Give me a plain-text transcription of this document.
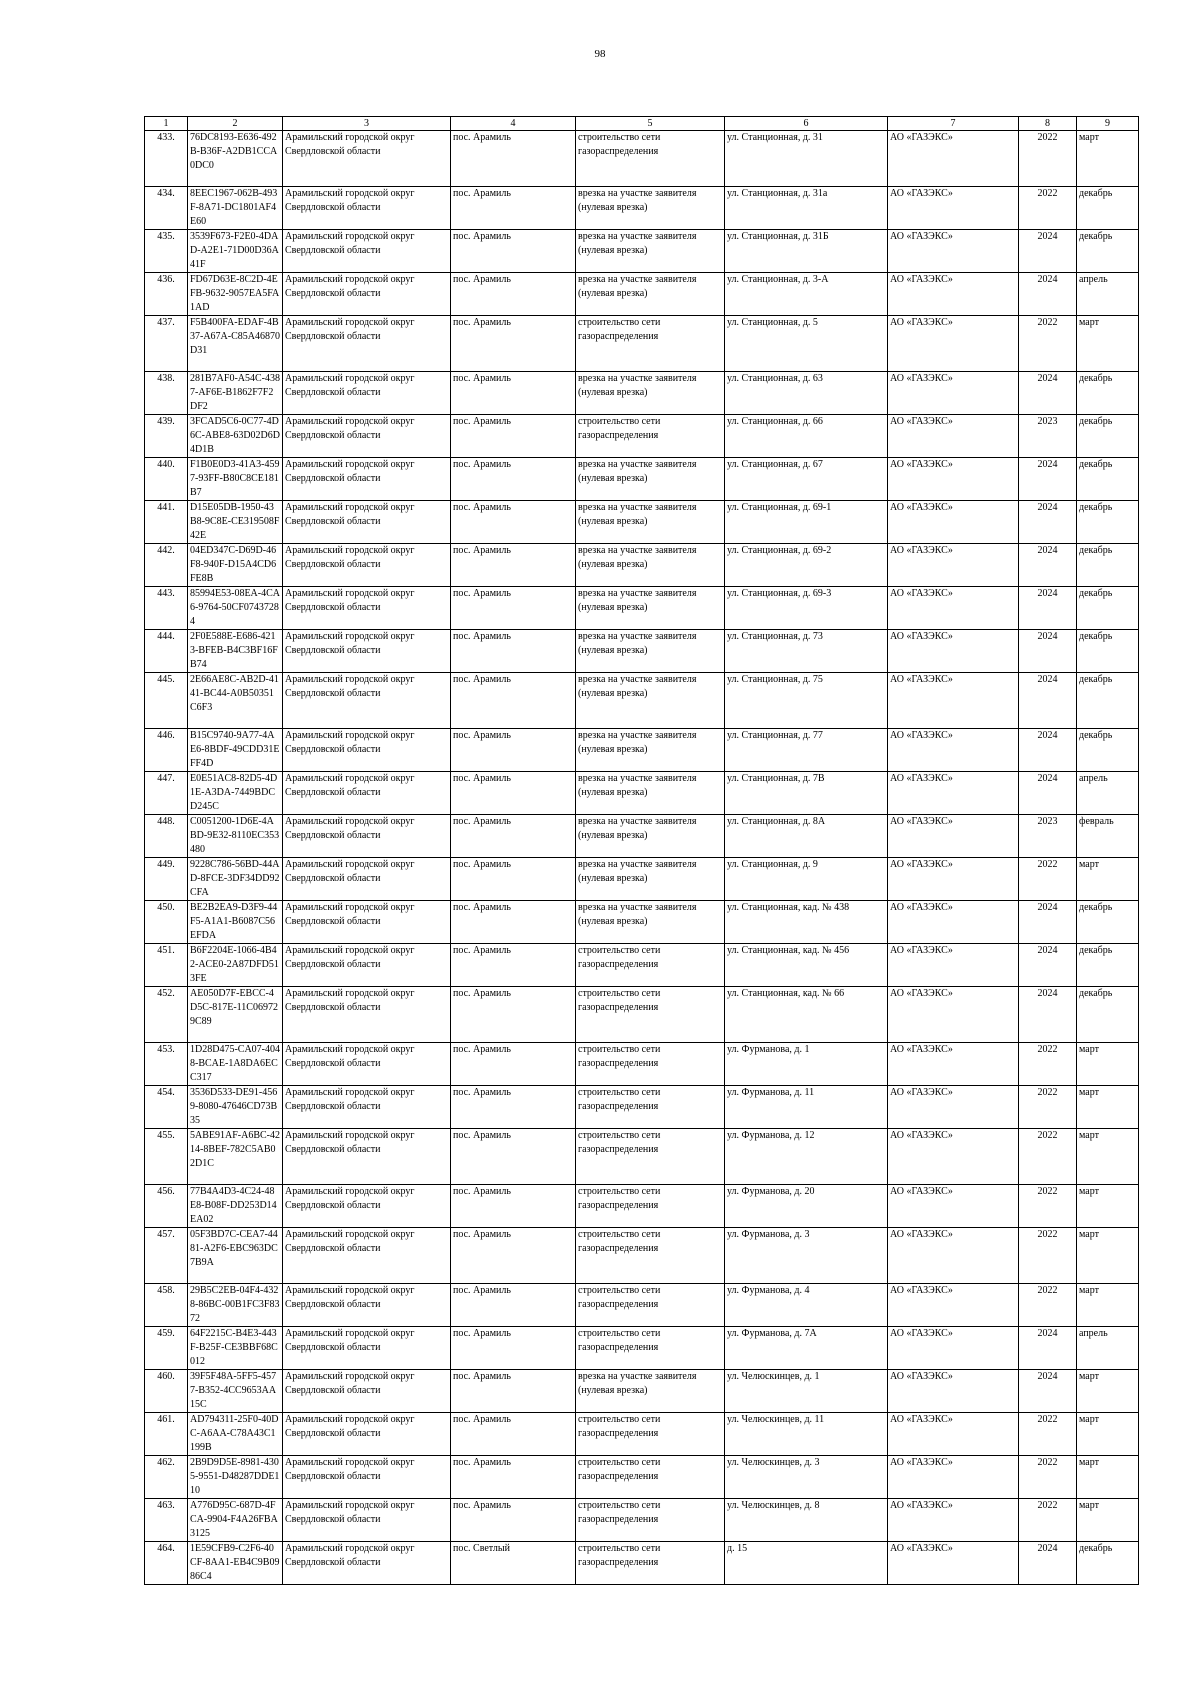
98
1	2	3	4	5	6	7	8	9
433.	76DC8193-E636-492B-B36F-A2DB1CCA0DC0	Арамильский городской округ Свердловской области	пос. Арамиль	строительство сети газораспределения	ул. Станционная, д. 31	АО «ГАЗЭКС»	2022	март
434.	8EEC1967-062B-493F-8A71-DC1801AF4E60	Арамильский городской округ Свердловской области	пос. Арамиль	врезка на участке заявителя (нулевая врезка)	ул. Станционная, д. 31а	АО «ГАЗЭКС»	2022	декабрь
435.	3539F673-F2E0-4DAD-A2E1-71D00D36A41F	Арамильский городской округ Свердловской области	пос. Арамиль	врезка на участке заявителя (нулевая врезка)	ул. Станционная, д. 31Б	АО «ГАЗЭКС»	2024	декабрь
436.	FD67D63E-8C2D-4EFB-9632-9057EA5FA1AD	Арамильский городской округ Свердловской области	пос. Арамиль	врезка на участке заявителя (нулевая врезка)	ул. Станционная, д. 3-А	АО «ГАЗЭКС»	2024	апрель
437.	F5B400FA-EDAF-4B37-A67A-C85A46870D31	Арамильский городской округ Свердловской области	пос. Арамиль	строительство сети газораспределения	ул. Станционная, д. 5	АО «ГАЗЭКС»	2022	март
438.	281B7AF0-A54C-4387-AF6E-B1862F7F2DF2	Арамильский городской округ Свердловской области	пос. Арамиль	врезка на участке заявителя (нулевая врезка)	ул. Станционная, д. 63	АО «ГАЗЭКС»	2024	декабрь
439.	3FCAD5C6-0C77-4D6C-ABE8-63D02D6D4D1B	Арамильский городской округ Свердловской области	пос. Арамиль	строительство сети газораспределения	ул. Станционная, д. 66	АО «ГАЗЭКС»	2023	декабрь
440.	F1B0E0D3-41A3-4597-93FF-B80C8CE181B7	Арамильский городской округ Свердловской области	пос. Арамиль	врезка на участке заявителя (нулевая врезка)	ул. Станционная, д. 67	АО «ГАЗЭКС»	2024	декабрь
441.	D15E05DB-1950-43B8-9C8E-CE319508F42E	Арамильский городской округ Свердловской области	пос. Арамиль	врезка на участке заявителя (нулевая врезка)	ул. Станционная, д. 69-1	АО «ГАЗЭКС»	2024	декабрь
442.	04ED347C-D69D-46F8-940F-D15A4CD6FE8B	Арамильский городской округ Свердловской области	пос. Арамиль	врезка на участке заявителя (нулевая врезка)	ул. Станционная, д. 69-2	АО «ГАЗЭКС»	2024	декабрь
443.	85994E53-08EA-4CA6-9764-50CF07437284	Арамильский городской округ Свердловской области	пос. Арамиль	врезка на участке заявителя (нулевая врезка)	ул. Станционная, д. 69-3	АО «ГАЗЭКС»	2024	декабрь
444.	2F0E588E-E686-4213-BFEB-B4C3BF16FB74	Арамильский городской округ Свердловской области	пос. Арамиль	врезка на участке заявителя (нулевая врезка)	ул. Станционная, д. 73	АО «ГАЗЭКС»	2024	декабрь
445.	2E66AE8C-AB2D-4141-BC44-A0B50351C6F3	Арамильский городской округ Свердловской области	пос. Арамиль	врезка на участке заявителя (нулевая врезка)	ул. Станционная, д. 75	АО «ГАЗЭКС»	2024	декабрь
446.	B15C9740-9A77-4AE6-8BDF-49CDD31EFF4D	Арамильский городской округ Свердловской области	пос. Арамиль	врезка на участке заявителя (нулевая врезка)	ул. Станционная, д. 77	АО «ГАЗЭКС»	2024	декабрь
447.	E0E51AC8-82D5-4D1E-A3DA-7449BDCD245C	Арамильский городской округ Свердловской области	пос. Арамиль	врезка на участке заявителя (нулевая врезка)	ул. Станционная, д. 7В	АО «ГАЗЭКС»	2024	апрель
448.	C0051200-1D6E-4ABD-9E32-8110EC353480	Арамильский городской округ Свердловской области	пос. Арамиль	врезка на участке заявителя (нулевая врезка)	ул. Станционная, д. 8А	АО «ГАЗЭКС»	2023	февраль
449.	9228C786-56BD-44AD-8FCE-3DF34DD92CFA	Арамильский городской округ Свердловской области	пос. Арамиль	врезка на участке заявителя (нулевая врезка)	ул. Станционная, д. 9	АО «ГАЗЭКС»	2022	март
450.	BE2B2EA9-D3F9-44F5-A1A1-B6087C56EFDA	Арамильский городской округ Свердловской области	пос. Арамиль	врезка на участке заявителя (нулевая врезка)	ул. Станционная, кад. № 438	АО «ГАЗЭКС»	2024	декабрь
451.	B6F2204E-1066-4B42-ACE0-2A87DFD513FE	Арамильский городской округ Свердловской области	пос. Арамиль	строительство сети газораспределения	ул. Станционная, кад. № 456	АО «ГАЗЭКС»	2024	декабрь
452.	AE050D7F-EBCC-4D5C-817E-11C069729C89	Арамильский городской округ Свердловской области	пос. Арамиль	строительство сети газораспределения	ул. Станционная, кад. № 66	АО «ГАЗЭКС»	2024	декабрь
453.	1D28D475-CA07-4048-BCAE-1A8DA6ECC317	Арамильский городской округ Свердловской области	пос. Арамиль	строительство сети газораспределения	ул. Фурманова, д. 1	АО «ГАЗЭКС»	2022	март
454.	3536D533-DE91-4569-8080-47646CD73B35	Арамильский городской округ Свердловской области	пос. Арамиль	строительство сети газораспределения	ул. Фурманова, д. 11	АО «ГАЗЭКС»	2022	март
455.	5ABE91AF-A6BC-4214-8BEF-782C5AB02D1C	Арамильский городской округ Свердловской области	пос. Арамиль	строительство сети газораспределения	ул. Фурманова, д. 12	АО «ГАЗЭКС»	2022	март
456.	77B4A4D3-4C24-48E8-B08F-DD253D14EA02	Арамильский городской округ Свердловской области	пос. Арамиль	строительство сети газораспределения	ул. Фурманова, д. 20	АО «ГАЗЭКС»	2022	март
457.	05F3BD7C-CEA7-4481-A2F6-EBC963DC7B9A	Арамильский городской округ Свердловской области	пос. Арамиль	строительство сети газораспределения	ул. Фурманова, д. 3	АО «ГАЗЭКС»	2022	март
458.	29B5C2EB-04F4-4328-86BC-00B1FC3F8372	Арамильский городской округ Свердловской области	пос. Арамиль	строительство сети газораспределения	ул. Фурманова, д. 4	АО «ГАЗЭКС»	2022	март
459.	64F2215C-B4E3-443F-B25F-CE3BBF68C012	Арамильский городской округ Свердловской области	пос. Арамиль	строительство сети газораспределения	ул. Фурманова, д. 7А	АО «ГАЗЭКС»	2024	апрель
460.	39F5F48A-5FF5-4577-B352-4CC9653AA15C	Арамильский городской округ Свердловской области	пос. Арамиль	врезка на участке заявителя (нулевая врезка)	ул. Челюскинцев, д. 1	АО «ГАЗЭКС»	2024	март
461.	AD794311-25F0-40DC-A6AA-C78A43C1199B	Арамильский городской округ Свердловской области	пос. Арамиль	строительство сети газораспределения	ул. Челюскинцев, д. 11	АО «ГАЗЭКС»	2022	март
462.	2B9D9D5E-8981-4305-9551-D48287DDE110	Арамильский городской округ Свердловской области	пос. Арамиль	строительство сети газораспределения	ул. Челюскинцев, д. 3	АО «ГАЗЭКС»	2022	март
463.	A776D95C-687D-4FCA-9904-F4A26FBA3125	Арамильский городской округ Свердловской области	пос. Арамиль	строительство сети газораспределения	ул. Челюскинцев, д. 8	АО «ГАЗЭКС»	2022	март
464.	1E59CFB9-C2F6-40CF-8AA1-EB4C9B0986C4	Арамильский городской округ Свердловской области	пос. Светлый	строительство сети газораспределения	д. 15	АО «ГАЗЭКС»	2024	декабрь
